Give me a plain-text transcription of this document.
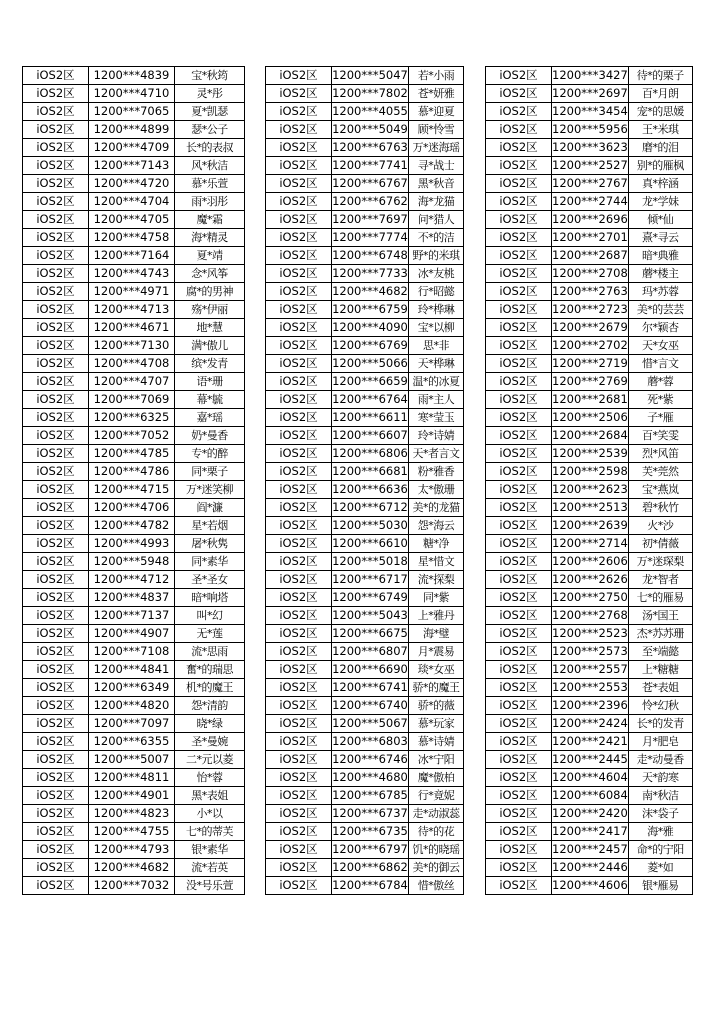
iOS2区	1200***4839	宝*秋筠
iOS2区	1200***4710	灵*彤
iOS2区	1200***7065	夏*凯瑟
iOS2区	1200***4899	瑟*公子
iOS2区	1200***4709	长*的表叔
iOS2区	1200***7143	风*秋洁
iOS2区	1200***4720	慕*乐萱
iOS2区	1200***4704	雨*羽彤
iOS2区	1200***4705	魔*霜
iOS2区	1200***4758	海*精灵
iOS2区	1200***7164	夏*靖
iOS2区	1200***4743	念*风筝
iOS2区	1200***4971	腐*的男神
iOS2区	1200***4713	殇*伊丽
iOS2区	1200***4671	地*慧
iOS2区	1200***7130	满*傲儿
iOS2区	1200***4708	缤*发青
iOS2区	1200***4707	语*珊
iOS2区	1200***7069	幕*毓
iOS2区	1200***6325	嘉*瑶
iOS2区	1200***7052	奶*曼香
iOS2区	1200***4785	专*的醉
iOS2区	1200***4786	同*栗子
iOS2区	1200***4715	万*迷笑柳
iOS2区	1200***4706	阎*濂
iOS2区	1200***4782	星*若烟
iOS2区	1200***4993	屠*秋隽
iOS2区	1200***5948	同*素华
iOS2区	1200***4712	圣*圣女
iOS2区	1200***4837	暗*响塔
iOS2区	1200***7137	叫*幻
iOS2区	1200***4907	无*莲
iOS2区	1200***7108	流*思雨
iOS2区	1200***4841	奮*的瑞思
iOS2区	1200***6349	机*的魔王
iOS2区	1200***4820	怨*清韵
iOS2区	1200***7097	晓*绿
iOS2区	1200***6355	圣*曼婉
iOS2区	1200***5007	二*元以菱
iOS2区	1200***4811	怡*蓉
iOS2区	1200***4901	黑*表姐
iOS2区	1200***4823	小*以
iOS2区	1200***4755	七*的蒂芙
iOS2区	1200***4793	银*素华
iOS2区	1200***4682	流*若英
iOS2区	1200***7032	没*号乐萱
iOS2区	1200***5047	若*小雨
iOS2区	1200***7802	苍*妍雅
iOS2区	1200***4055	慕*迎夏
iOS2区	1200***5049	顾*怜雪
iOS2区	1200***6763	万*迷海瑶
iOS2区	1200***7741	寻*战士
iOS2区	1200***6767	黑*秋音
iOS2区	1200***6762	海*龙猫
iOS2区	1200***7697	问*猎人
iOS2区	1200***7774	不*的洁
iOS2区	1200***6748	野*的米琪
iOS2区	1200***7733	冰*友桃
iOS2区	1200***4682	行*昭懿
iOS2区	1200***6759	玲*桦琳
iOS2区	1200***4090	宝*以柳
iOS2区	1200***6769	思*非
iOS2区	1200***5066	天*桦琳
iOS2区	1200***6659	温*的冰夏
iOS2区	1200***6764	雨*主人
iOS2区	1200***6611	寒*莹玉
iOS2区	1200***6607	玲*诗婧
iOS2区	1200***6806	天*者言文
iOS2区	1200***6681	粉*雅香
iOS2区	1200***6636	太*傲珊
iOS2区	1200***6712	美*的龙猫
iOS2区	1200***5030	怨*海云
iOS2区	1200***6610	糖*净
iOS2区	1200***5018	星*惜文
iOS2区	1200***6717	流*探梨
iOS2区	1200***6749	同*紫
iOS2区	1200***5043	上*雅丹
iOS2区	1200***6675	海*璧
iOS2区	1200***6807	月*震易
iOS2区	1200***6690	琰*女巫
iOS2区	1200***6741	骄*的魔王
iOS2区	1200***6740	骄*的薇
iOS2区	1200***5067	慕*玩家
iOS2区	1200***6803	慕*诗婧
iOS2区	1200***6746	冰*宁阳
iOS2区	1200***4680	魔*傲柏
iOS2区	1200***6785	行*竟妮
iOS2区	1200***6737	走*动淑蕊
iOS2区	1200***6735	待*的花
iOS2区	1200***6797	饥*的晓瑶
iOS2区	1200***6862	美*的御云
iOS2区	1200***6784	惜*傲丝
iOS2区	1200***3427	待*的栗子
iOS2区	1200***2697	百*月朗
iOS2区	1200***3454	宠*的思媛
iOS2区	1200***5956	王*米琪
iOS2区	1200***3623	磨*的泪
iOS2区	1200***2527	别*的雁枫
iOS2区	1200***2767	真*梓涵
iOS2区	1200***2744	龙*学妹
iOS2区	1200***2696	倾*仙
iOS2区	1200***2701	熹*寻云
iOS2区	1200***2687	暗*典雅
iOS2区	1200***2708	蘑*楼主
iOS2区	1200***2763	玛*苏蓉
iOS2区	1200***2723	美*的芸芸
iOS2区	1200***2679	尔*颖杏
iOS2区	1200***2702	天*女巫
iOS2区	1200***2719	惜*言文
iOS2区	1200***2769	蘑*蓉
iOS2区	1200***2681	死*紫
iOS2区	1200***2506	子*雁
iOS2区	1200***2684	百*笑雯
iOS2区	1200***2539	烈*风笛
iOS2区	1200***2598	芙*莞然
iOS2区	1200***2623	宝*燕岚
iOS2区	1200***2513	碧*秋竹
iOS2区	1200***2639	火*沙
iOS2区	1200***2714	初*倩薇
iOS2区	1200***2606	万*迷琛梨
iOS2区	1200***2626	龙*智者
iOS2区	1200***2750	七*的雁易
iOS2区	1200***2768	汤*国王
iOS2区	1200***2523	杰*苏苏珊
iOS2区	1200***2573	至*端懿
iOS2区	1200***2557	上*糖糖
iOS2区	1200***2553	苍*表姐
iOS2区	1200***2396	怜*幻秋
iOS2区	1200***2424	长*的发青
iOS2区	1200***2421	月*肥皂
iOS2区	1200***2445	走*动曼香
iOS2区	1200***4604	天*韵寒
iOS2区	1200***6084	南*秋洁
iOS2区	1200***2420	沫*袋子
iOS2区	1200***2417	海*雅
iOS2区	1200***2457	命*的宁阳
iOS2区	1200***2446	菱*如
iOS2区	1200***4606	银*雁易
